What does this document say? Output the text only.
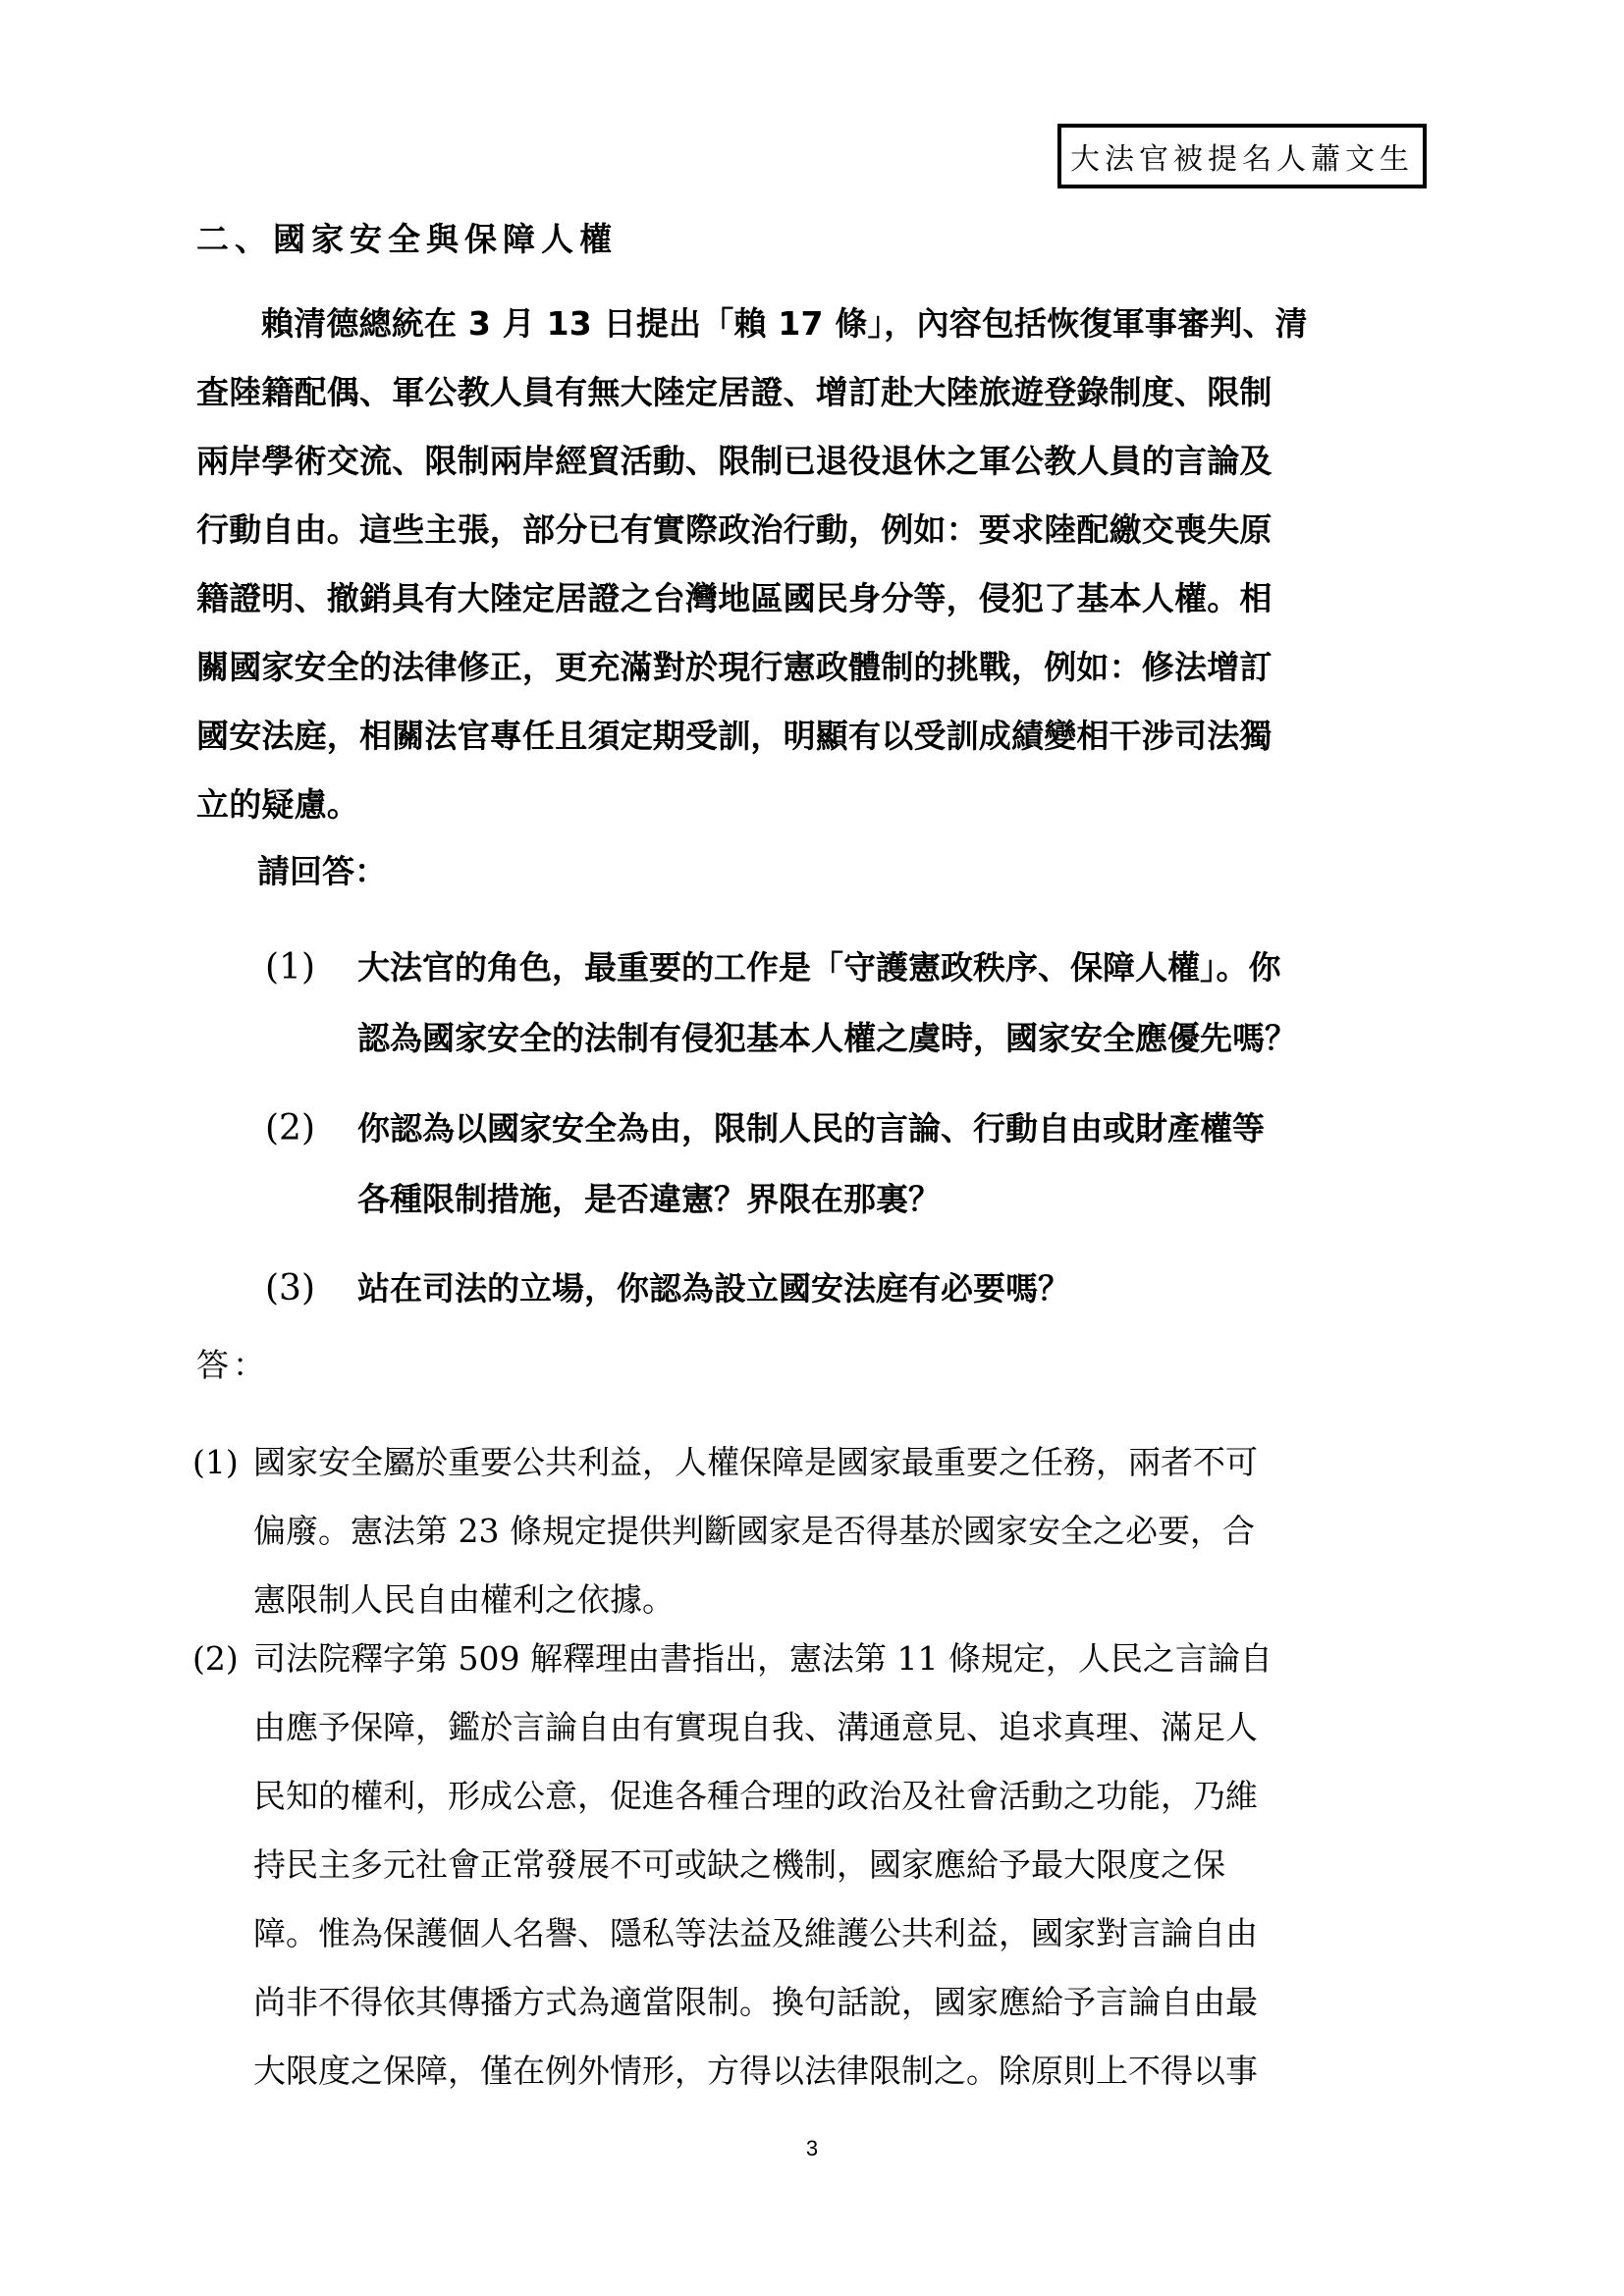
大法官被提名人蕭文生
二、國家安全與保障人權
賴清德總統在 3 月 13 日提出「賴 17 條」，內容包括恢復軍事審判、清
查陸籍配偶、軍公教人員有無大陸定居證、增訂赴大陸旅遊登錄制度、限制
兩岸學術交流、限制兩岸經貿活動、限制已退役退休之軍公教人員的言論及
行動自由。這些主張，部分已有實際政治行動，例如：要求陸配繳交喪失原
籍證明、撤銷具有大陸定居證之台灣地區國民身分等，侵犯了基本人權。相
關國家安全的法律修正，更充滿對於現行憲政體制的挑戰，例如：修法增訂
國安法庭，相關法官專任且須定期受訓，明顯有以受訓成績變相干涉司法獨
立的疑慮。
請回答：
(1)	大法官的角色，最重要的工作是「守護憲政秩序、保障人權」。你
認為國家安全的法制有侵犯基本人權之虞時，國家安全應優先嗎？
(2)	你認為以國家安全為由，限制人民的言論、行動自由或財產權等
各種限制措施，是否違憲？界限在那裏？
(3)	站在司法的立場，你認為設立國安法庭有必要嗎？
答：
(1) 國家安全屬於重要公共利益，人權保障是國家最重要之任務，兩者不可
偏廢。憲法第 23 條規定提供判斷國家是否得基於國家安全之必要，合
憲限制人民自由權利之依據。
(2) 司法院釋字第 509 解釋理由書指出，憲法第 11 條規定，人民之言論自
由應予保障，鑑於言論自由有實現自我、溝通意見、追求真理、滿足人
民知的權利，形成公意，促進各種合理的政治及社會活動之功能，乃維
持民主多元社會正常發展不可或缺之機制，國家應給予最大限度之保
障。惟為保護個人名譽、隱私等法益及維護公共利益，國家對言論自由
尚非不得依其傳播方式為適當限制。換句話說，國家應給予言論自由最
大限度之保障，僅在例外情形，方得以法律限制之。除原則上不得以事
3
